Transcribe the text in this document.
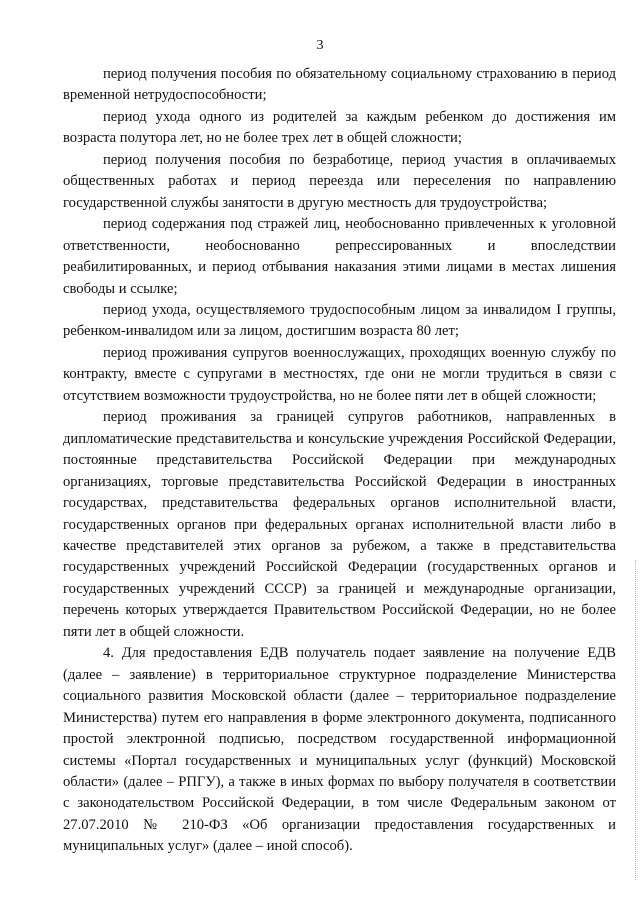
3

период получения пособия по обязательному социальному страхованию в период временной нетрудоспособности;

период ухода одного из родителей за каждым ребенком до достижения им возраста полутора лет, но не более трех лет в общей сложности;

период получения пособия по безработице, период участия в оплачиваемых общественных работах и период переезда или переселения по направлению государственной службы занятости в другую местность для трудоустройства;

период содержания под стражей лиц, необоснованно привлеченных к уголовной ответственности, необоснованно репрессированных и впоследствии реабилитированных, и период отбывания наказания этими лицами в местах лишения свободы и ссылке;

период ухода, осуществляемого трудоспособным лицом за инвалидом I группы, ребенком-инвалидом или за лицом, достигшим возраста 80 лет;

период проживания супругов военнослужащих, проходящих военную службу по контракту, вместе с супругами в местностях, где они не могли трудиться в связи с отсутствием возможности трудоустройства, но не более пяти лет в общей сложности;

период проживания за границей супругов работников, направленных в дипломатические представительства и консульские учреждения Российской Федерации, постоянные представительства Российской Федерации при международных организациях, торговые представительства Российской Федерации в иностранных государствах, представительства федеральных органов исполнительной власти, государственных органов при федеральных органах исполнительной власти либо в качестве представителей этих органов за рубежом, а также в представительства государственных учреждений Российской Федерации (государственных органов и государственных учреждений СССР) за границей и международные организации, перечень которых утверждается Правительством Российской Федерации, но не более пяти лет в общей сложности.

4. Для предоставления ЕДВ получатель подает заявление на получение ЕДВ (далее – заявление) в территориальное структурное подразделение Министерства социального развития Московской области (далее – территориальное подразделение Министерства) путем его направления в форме электронного документа, подписанного простой электронной подписью, посредством государственной информационной системы «Портал государственных и муниципальных услуг (функций) Московской области» (далее – РПГУ), а также в иных формах по выбору получателя в соответствии с законодательством Российской Федерации, в том числе Федеральным законом от 27.07.2010 № 210-ФЗ «Об организации предоставления государственных и муниципальных услуг» (далее – иной способ).
